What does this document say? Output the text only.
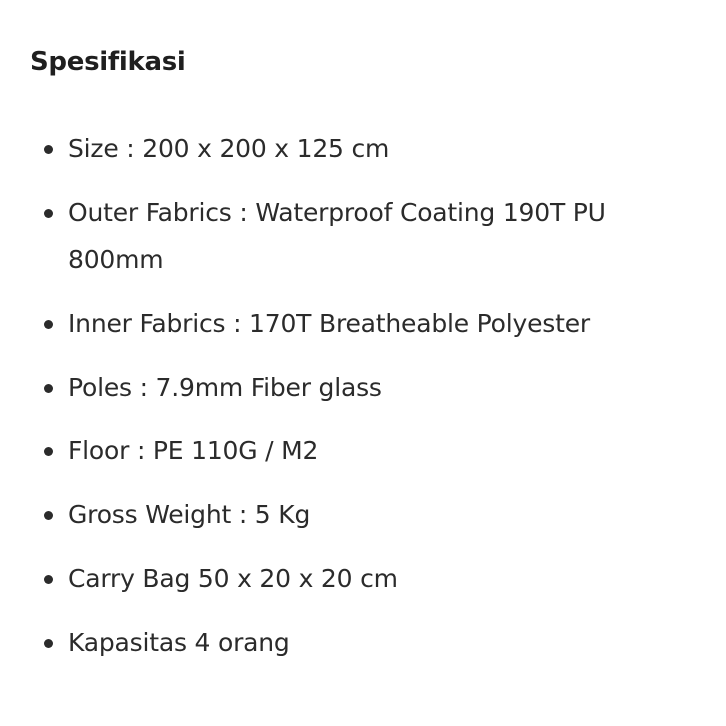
Spesifikasi
Size : 200 x 200 x 125 cm
Outer Fabrics : Waterproof Coating 190T PU 800mm
Inner Fabrics : 170T Breatheable Polyester
Poles : 7.9mm Fiber glass
Floor : PE 110G / M2
Gross Weight : 5 Kg
Carry Bag 50 x 20 x 20 cm
Kapasitas 4 orang
